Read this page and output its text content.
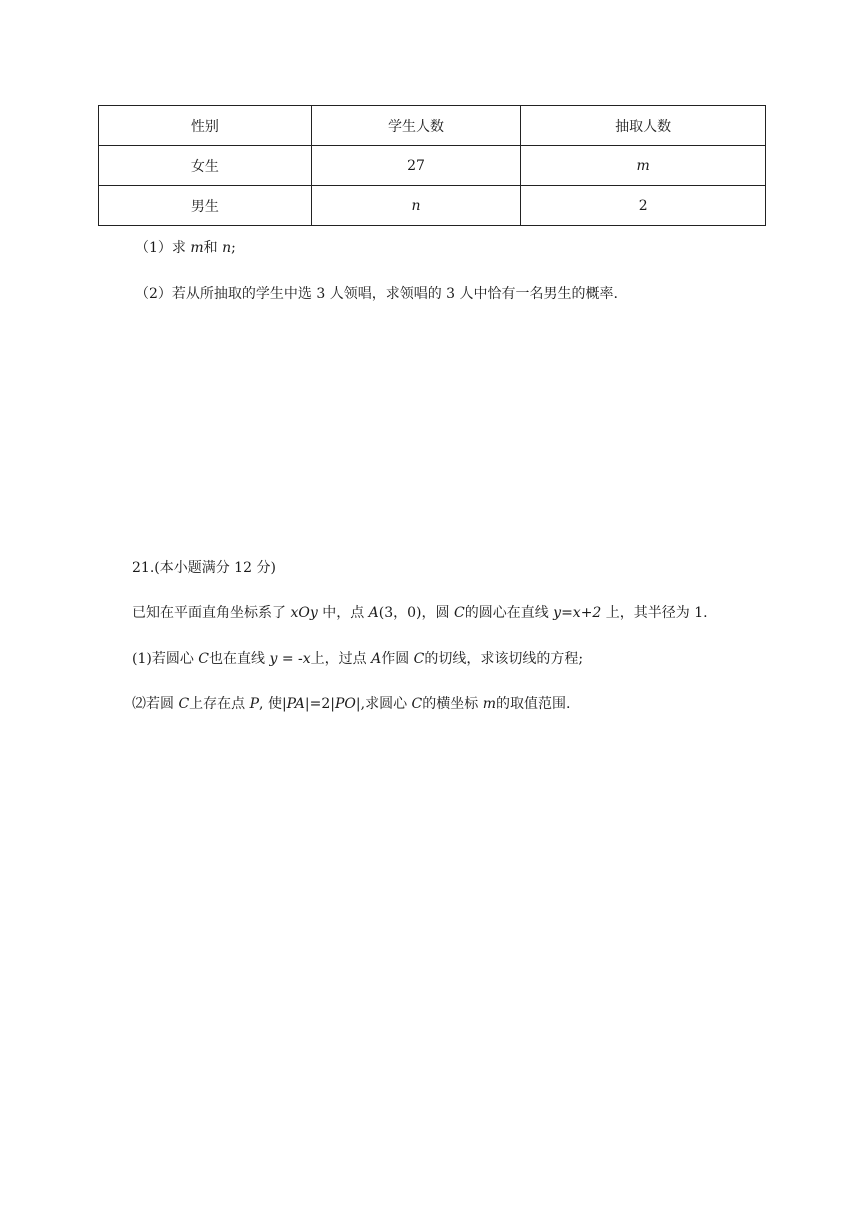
性别	学生人数	抽取人数
女生	27	m
男生	n	2
（1）求 m和 n;
（2）若从所抽取的学生中选 3 人领唱，求领唱的 3 人中恰有一名男生的概率.
21.(本小题满分 12 分)
已知在平面直角坐标系了 xOy 中，点 A(3，0)，圆 C的圆心在直线 y=x+2 上，其半径为 1.
(1)若圆心 C也在直线 y = -x上，过点 A作圆 C的切线，求该切线的方程;
⑵若圆 C上存在点 P, 使|PA|=2|PO|,求圆心 C的横坐标 m的取值范围.
